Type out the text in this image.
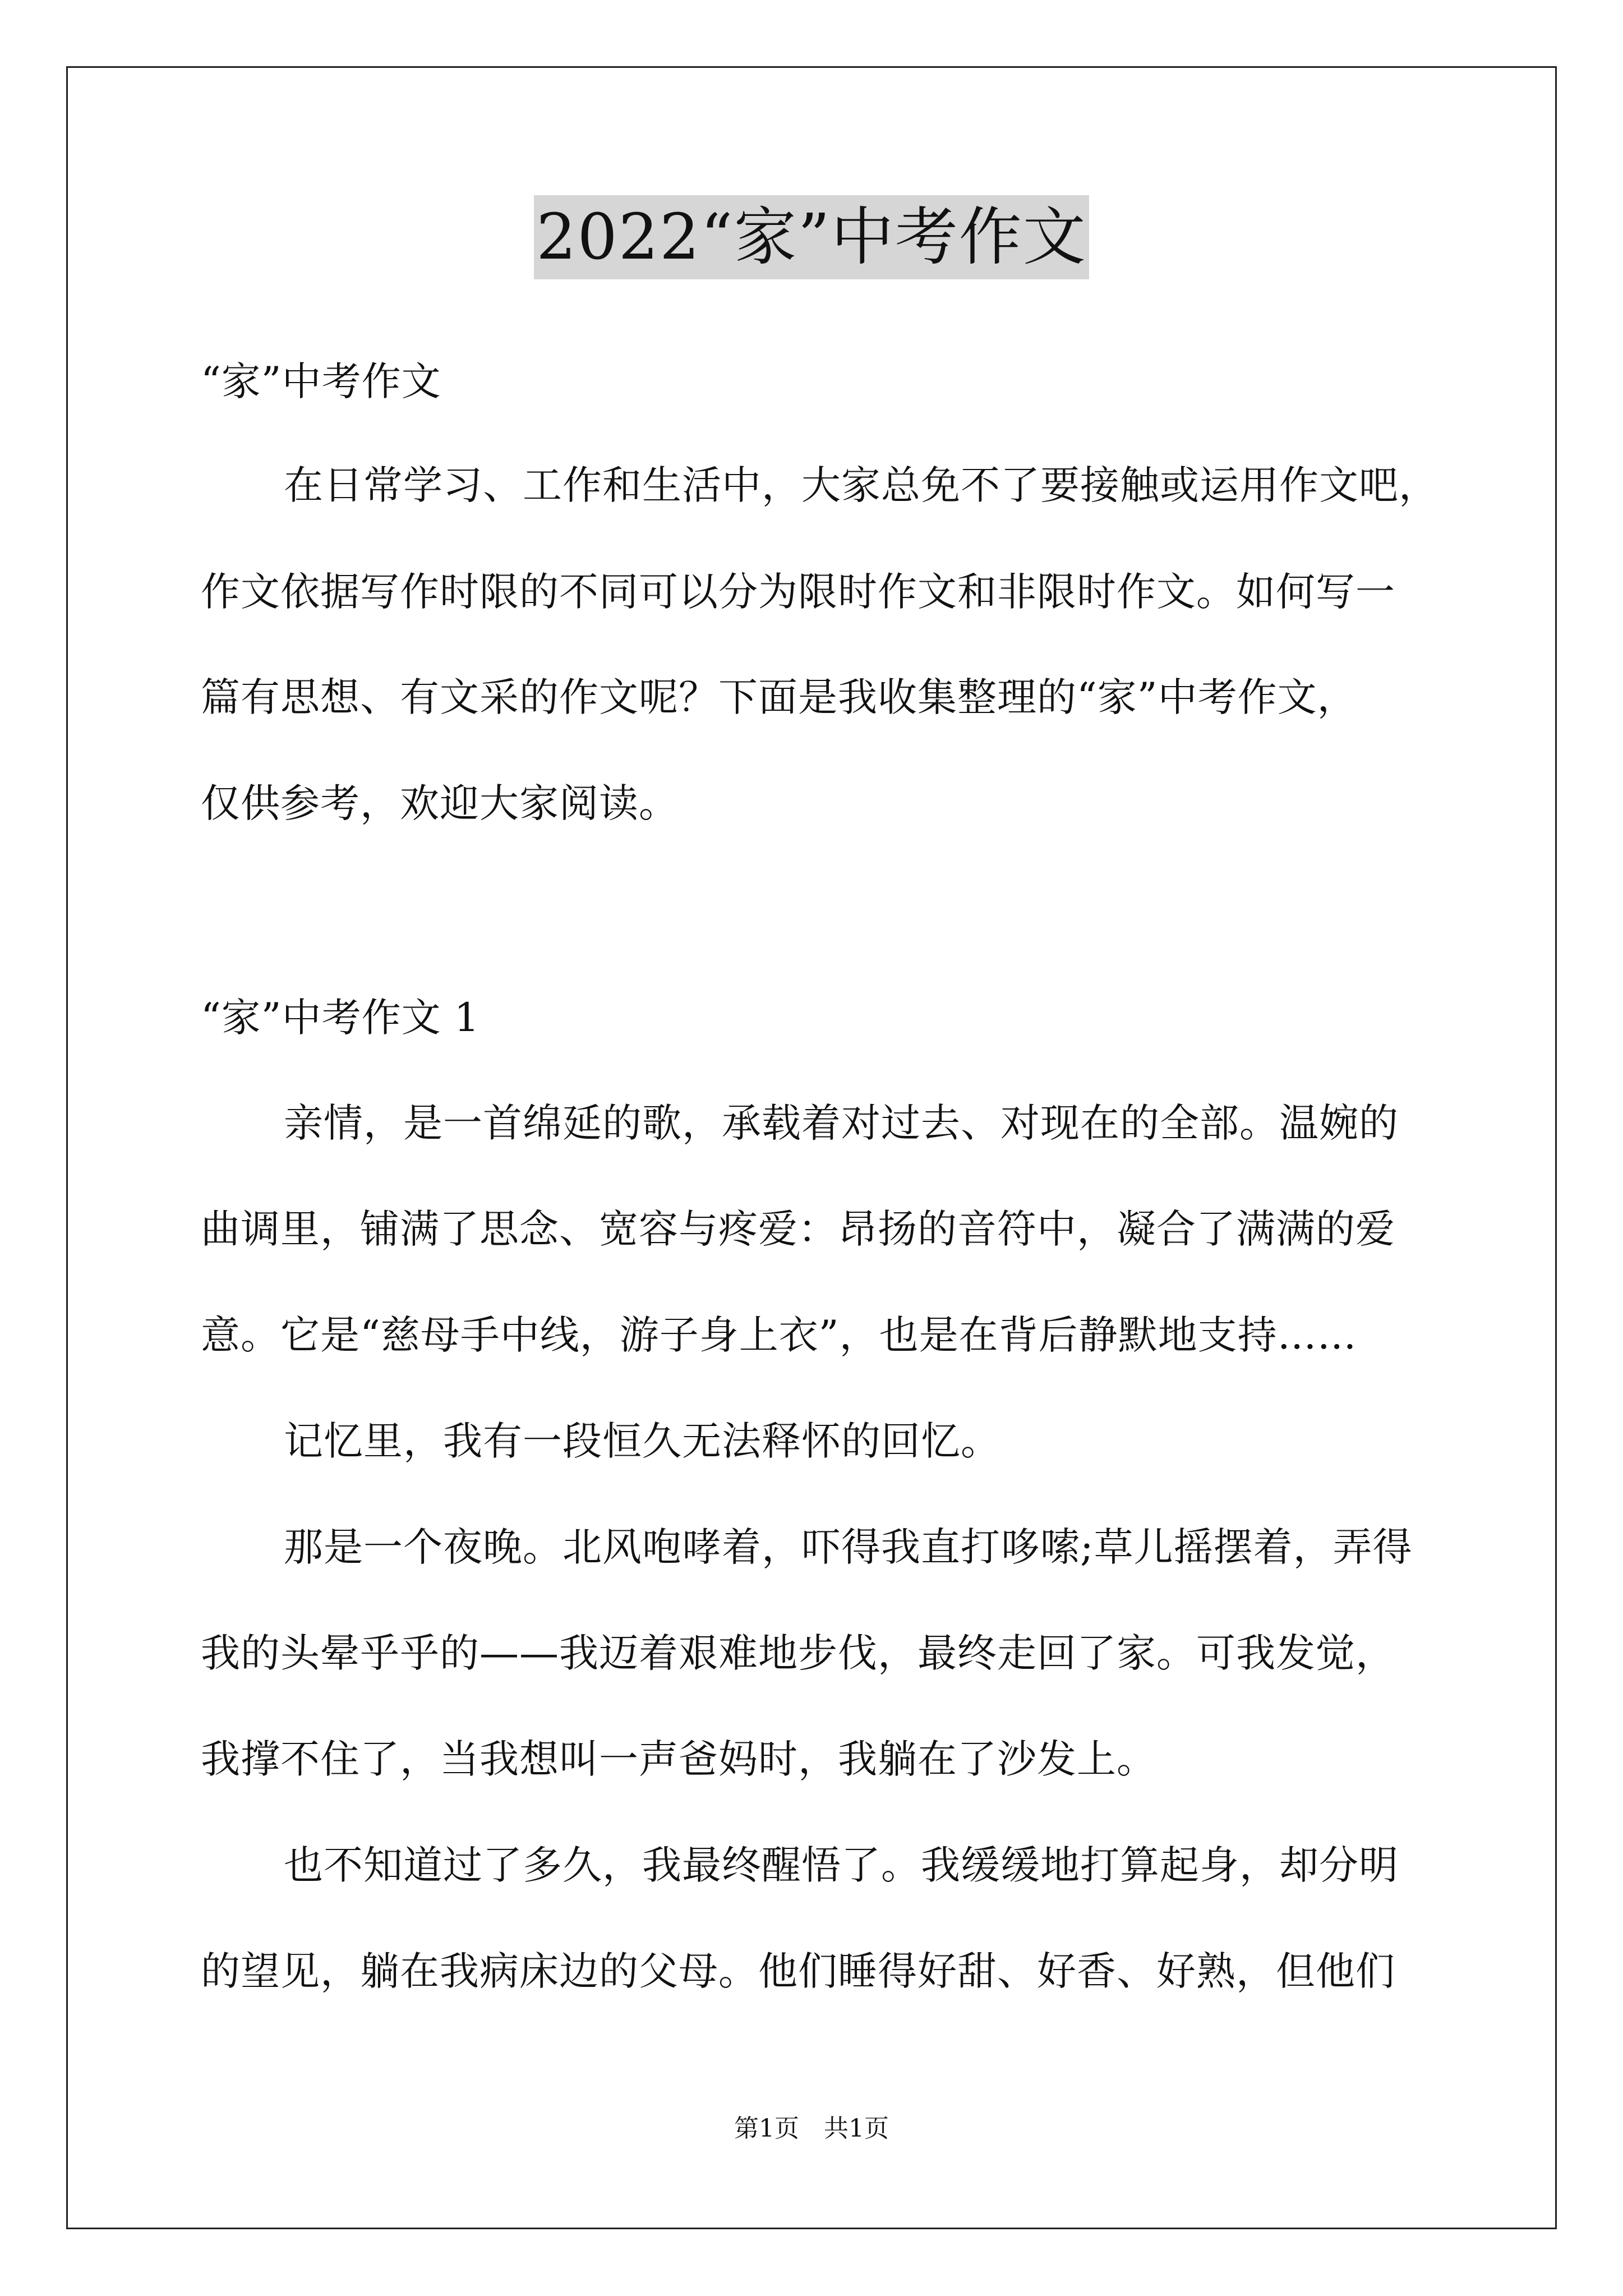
2022“家”中考作文
“家”中考作文
在日常学习、工作和生活中，大家总免不了要接触或运用作文吧，
作文依据写作时限的不同可以分为限时作文和非限时作文。如何写一
篇有思想、有文采的作文呢？下面是我收集整理的“家”中考作文，
仅供参考，欢迎大家阅读。
“家”中考作文 1
亲情，是一首绵延的歌，承载着对过去、对现在的全部。温婉的
曲调里，铺满了思念、宽容与疼爱：昂扬的音符中，凝合了满满的爱
意。它是“慈母手中线，游子身上衣”，也是在背后静默地支持……
记忆里，我有一段恒久无法释怀的回忆。
那是一个夜晚。北风咆哮着，吓得我直打哆嗦;草儿摇摆着，弄得
我的头晕乎乎的——我迈着艰难地步伐，最终走回了家。可我发觉，
我撑不住了，当我想叫一声爸妈时，我躺在了沙发上。
也不知道过了多久，我最终醒悟了。我缓缓地打算起身，却分明
的望见，躺在我病床边的父母。他们睡得好甜、好香、好熟，但他们
第1页　共1页
